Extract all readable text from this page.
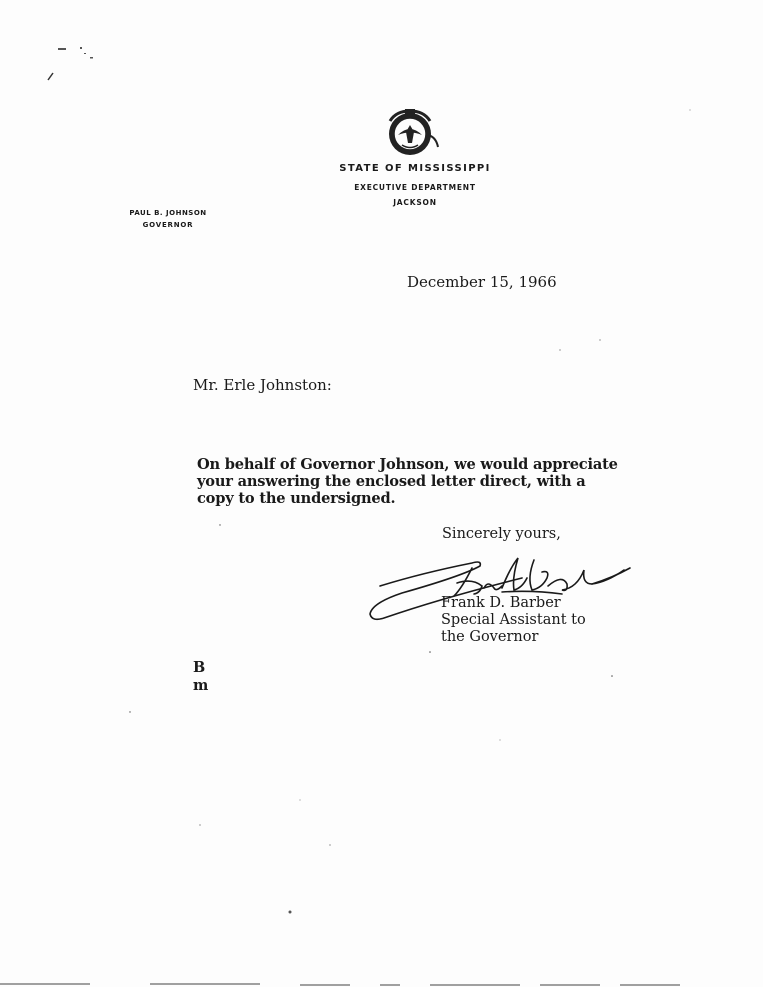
STATE OF MISSISSIPPI
EXECUTIVE DEPARTMENT
JACKSON
PAUL B. JOHNSON
GOVERNOR
December 15, 1966
Mr. Erle Johnston:
On behalf of Governor Johnson, we would appreciate
your answering the enclosed letter direct, with a
copy to the undersigned.
Sincerely yours,
Frank D. Barber
Special Assistant to
the Governor
B
m
